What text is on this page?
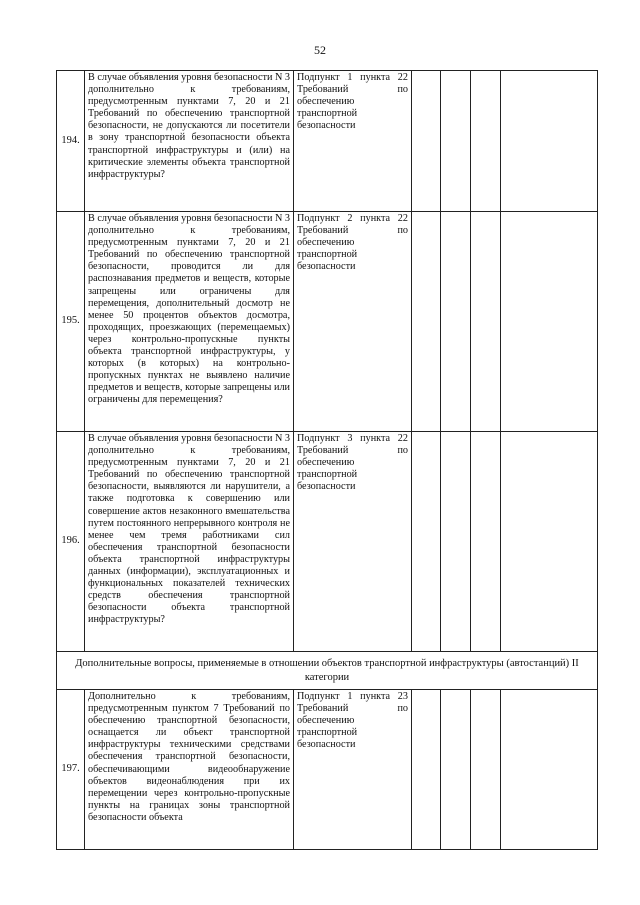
52
194.	В случае объявления уровня безопасности N 3 дополнительно к требованиям, предусмотренным пунктами 7, 20 и 21 Требований по обеспечению транспортной безопасности, не допускаются ли посетители в зону транспортной безопасности объекта транспортной инфраструктуры и (или) на критические элементы объекта транспортной инфраструктуры?	Подпункт 1 пункта 22 Требований по обеспечению транспортной безопасности				
195.	В случае объявления уровня безопасности N 3 дополнительно к требованиям, предусмотренным пунктами 7, 20 и 21 Требований по обеспечению транспортной безопасности, проводится ли для распознавания предметов и веществ, которые запрещены или ограничены для перемещения, дополнительный досмотр не менее 50 процентов объектов досмотра, проходящих, проезжающих (перемещаемых) через контрольно-пропускные пункты объекта транспортной инфраструктуры, у которых (в которых) на контрольно-пропускных пунктах не выявлено наличие предметов и веществ, которые запрещены или ограничены для перемещения?	Подпункт 2 пункта 22 Требований по обеспечению транспортной безопасности				
196.	В случае объявления уровня безопасности N 3 дополнительно к требованиям, предусмотренным пунктами 7, 20 и 21 Требований по обеспечению транспортной безопасности, выявляются ли нарушители, а также подготовка к совершению или совершение актов незаконного вмешательства путем постоянного непрерывного контроля не менее чем тремя работниками сил обеспечения транспортной безопасности объекта транспортной инфраструктуры данных (информации), эксплуатационных и функциональных показателей технических средств обеспечения транспортной безопасности объекта транспортной инфраструктуры?	Подпункт 3 пункта 22 Требований по обеспечению транспортной безопасности				
Дополнительные вопросы, применяемые в отношении объектов транспортной инфраструктуры (автостанций) II категории						
197.	Дополнительно к требованиям, предусмотренным пунктом 7 Требований по обеспечению транспортной безопасности, оснащается ли объект транспортной инфраструктуры техническими средствами обеспечения транспортной безопасности, обеспечивающими видеообнаружение объектов видеонаблюдения при их перемещении через контрольно-пропускные пункты на границах зоны транспортной безопасности объекта	Подпункт 1 пункта 23 Требований по обеспечению транспортной безопасности				
